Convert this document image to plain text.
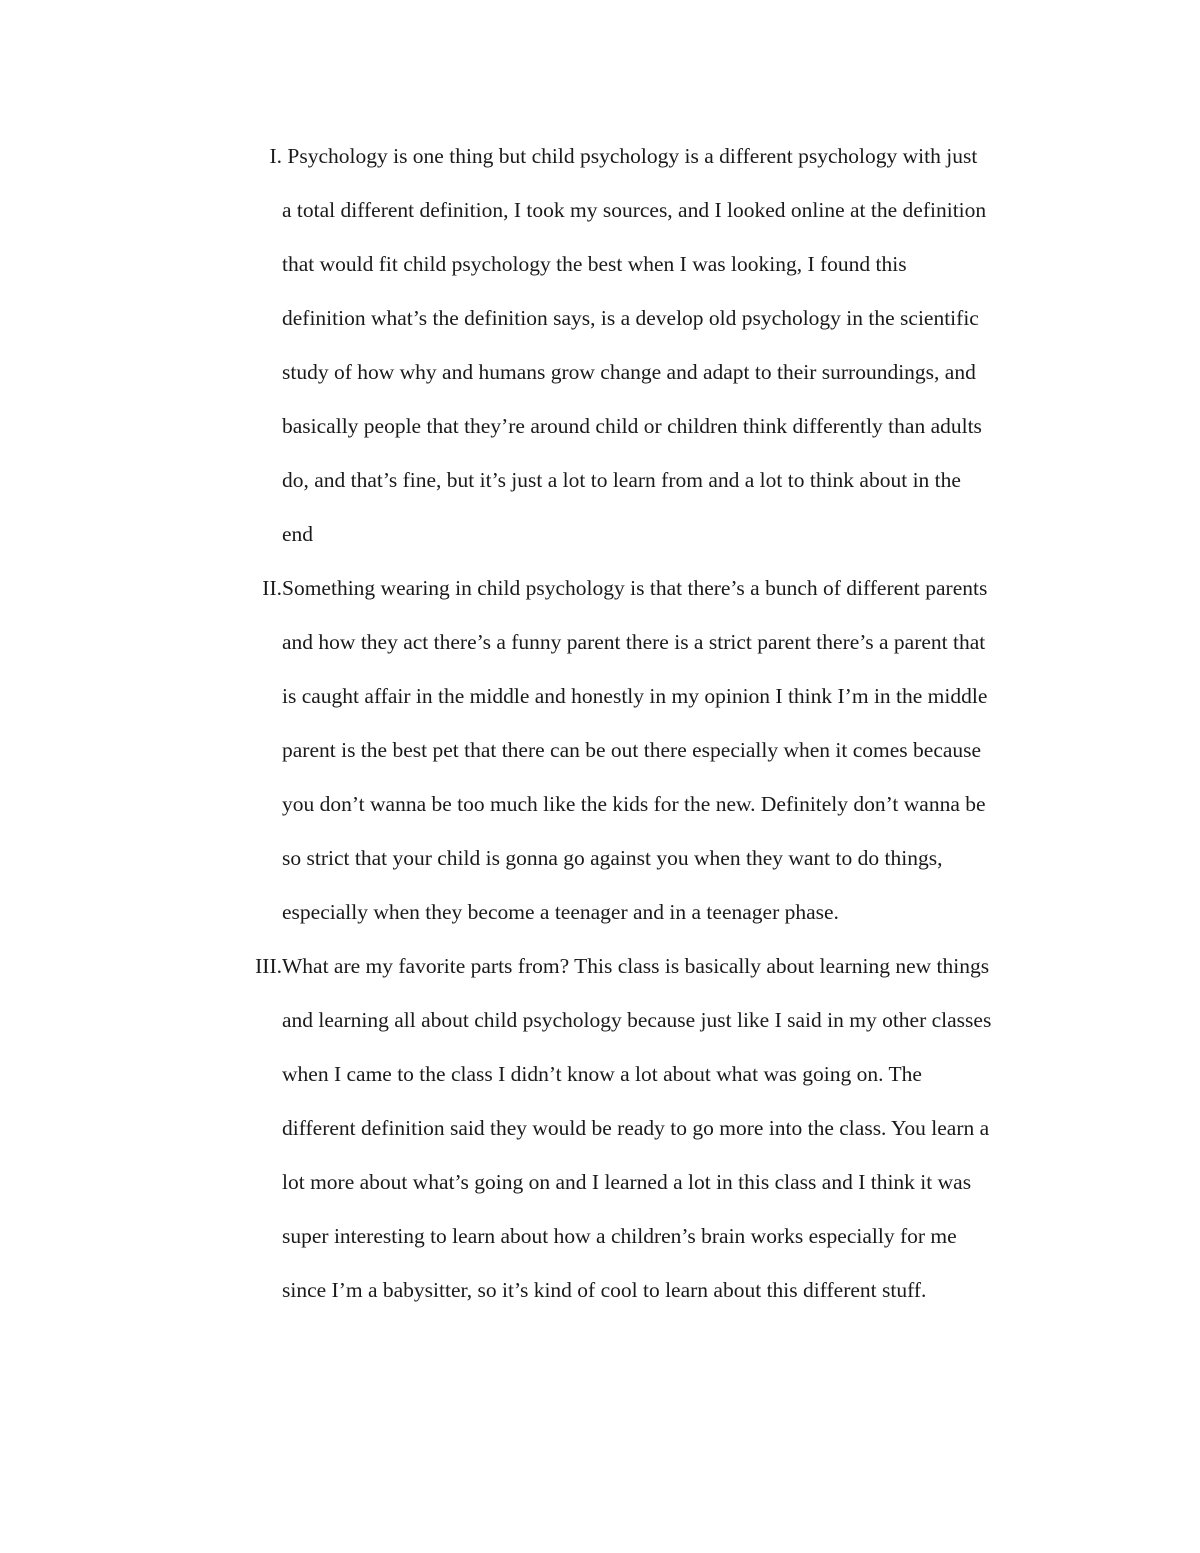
I. Psychology is one thing but child psychology is a different psychology with just
a total different definition, I took my sources, and I looked online at the definition
that would fit child psychology the best when I was looking, I found this
definition what’s the definition says, is a develop old psychology in the scientific
study of how why and humans grow change and adapt to their surroundings, and
basically people that they’re around child or children think differently than adults
do, and that’s fine, but it’s just a lot to learn from and a lot to think about in the
end
II. Something wearing in child psychology is that there’s a bunch of different parents
and how they act there’s a funny parent there is a strict parent there’s a parent that
is caught affair in the middle and honestly in my opinion I think I’m in the middle
parent is the best pet that there can be out there especially when it comes because
you don’t wanna be too much like the kids for the new. Definitely don’t wanna be
so strict that your child is gonna go against you when they want to do things,
especially when they become a teenager and in a teenager phase.
III. What are my favorite parts from? This class is basically about learning new things
and learning all about child psychology because just like I said in my other classes
when I came to the class I didn’t know a lot about what was going on. The
different definition said they would be ready to go more into the class. You learn a
lot more about what’s going on and I learned a lot in this class and I think it was
super interesting to learn about how a children’s brain works especially for me
since I’m a babysitter, so it’s kind of cool to learn about this different stuff.
